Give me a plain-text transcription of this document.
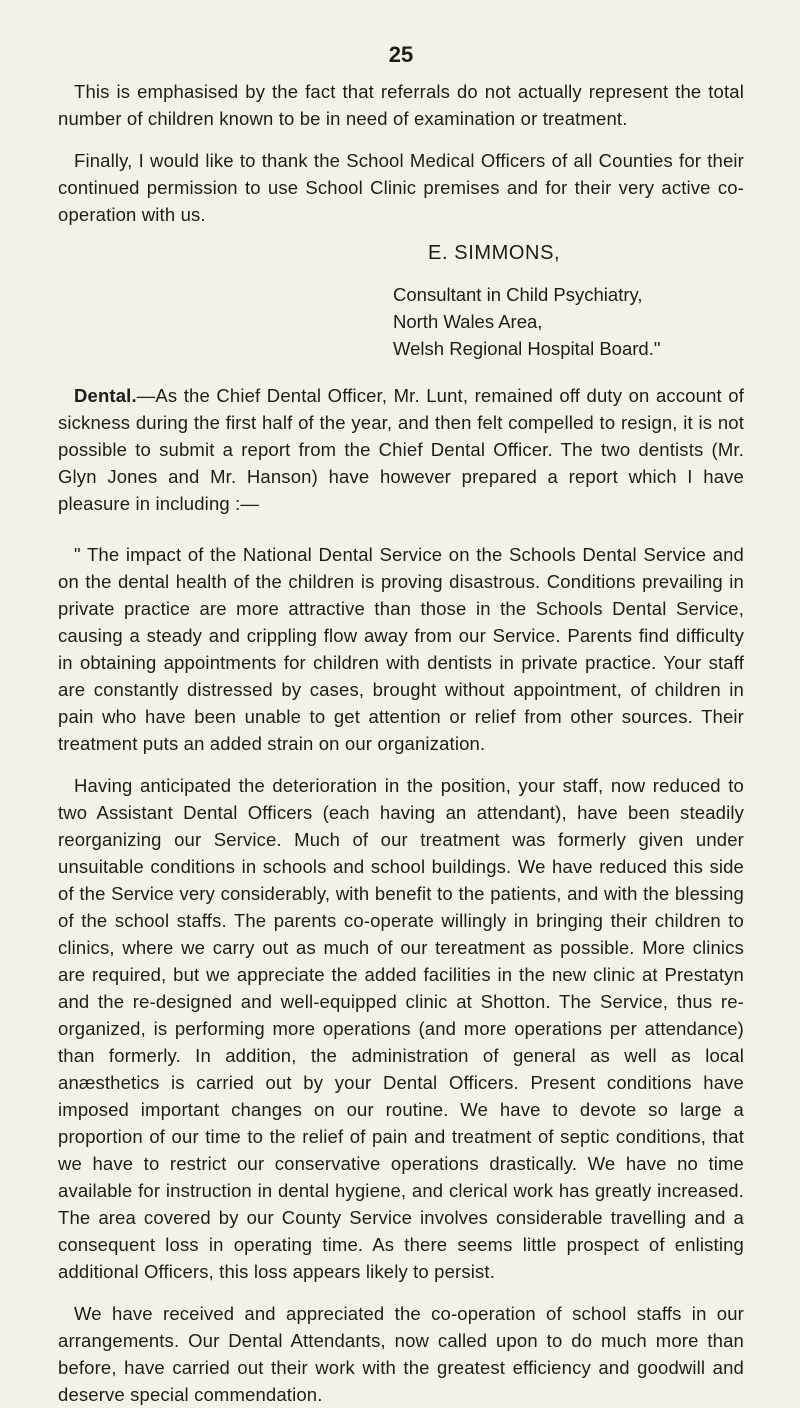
25

This is emphasised by the fact that referrals do not actually represent the total number of children known to be in need of examination or treatment.

Finally, I would like to thank the School Medical Officers of all Counties for their continued permission to use School Clinic premises and for their very active co-operation with us.

E. SIMMONS,
Consultant in Child Psychiatry,
North Wales Area,
Welsh Regional Hospital Board."

Dental.—As the Chief Dental Officer, Mr. Lunt, remained off duty on account of sickness during the first half of the year, and then felt compelled to resign, it is not possible to submit a report from the Chief Dental Officer. The two dentists (Mr. Glyn Jones and Mr. Hanson) have however prepared a report which I have pleasure in including :—

" The impact of the National Dental Service on the Schools Dental Service and on the dental health of the children is proving disastrous. Conditions prevailing in private practice are more attractive than those in the Schools Dental Service, causing a steady and crippling flow away from our Service. Parents find difficulty in obtaining appointments for children with dentists in private practice. Your staff are constantly distressed by cases, brought without appointment, of children in pain who have been unable to get attention or relief from other sources. Their treatment puts an added strain on our organization.

Having anticipated the deterioration in the position, your staff, now reduced to two Assistant Dental Officers (each having an attendant), have been steadily reorganizing our Service. Much of our treatment was formerly given under unsuitable conditions in schools and school buildings. We have reduced this side of the Service very considerably, with benefit to the patients, and with the blessing of the school staffs. The parents co-operate willingly in bringing their children to clinics, where we carry out as much of our tereatment as possible. More clinics are required, but we appreciate the added facilities in the new clinic at Prestatyn and the re-designed and well-equipped clinic at Shotton. The Service, thus re-organized, is performing more operations (and more operations per attendance) than formerly. In addition, the administration of general as well as local anæsthetics is carried out by your Dental Officers. Present conditions have imposed important changes on our routine. We have to devote so large a proportion of our time to the relief of pain and treatment of septic conditions, that we have to restrict our conservative operations drastically. We have no time available for instruction in dental hygiene, and clerical work has greatly increased. The area covered by our County Service involves considerable travelling and a consequent loss in operating time. As there seems little prospect of enlisting additional Officers, this loss appears likely to persist.

We have received and appreciated the co-operation of school staffs in our arrangements. Our Dental Attendants, now called upon to do much more than before, have carried out their work with the greatest efficiency and goodwill and deserve special commendation.
